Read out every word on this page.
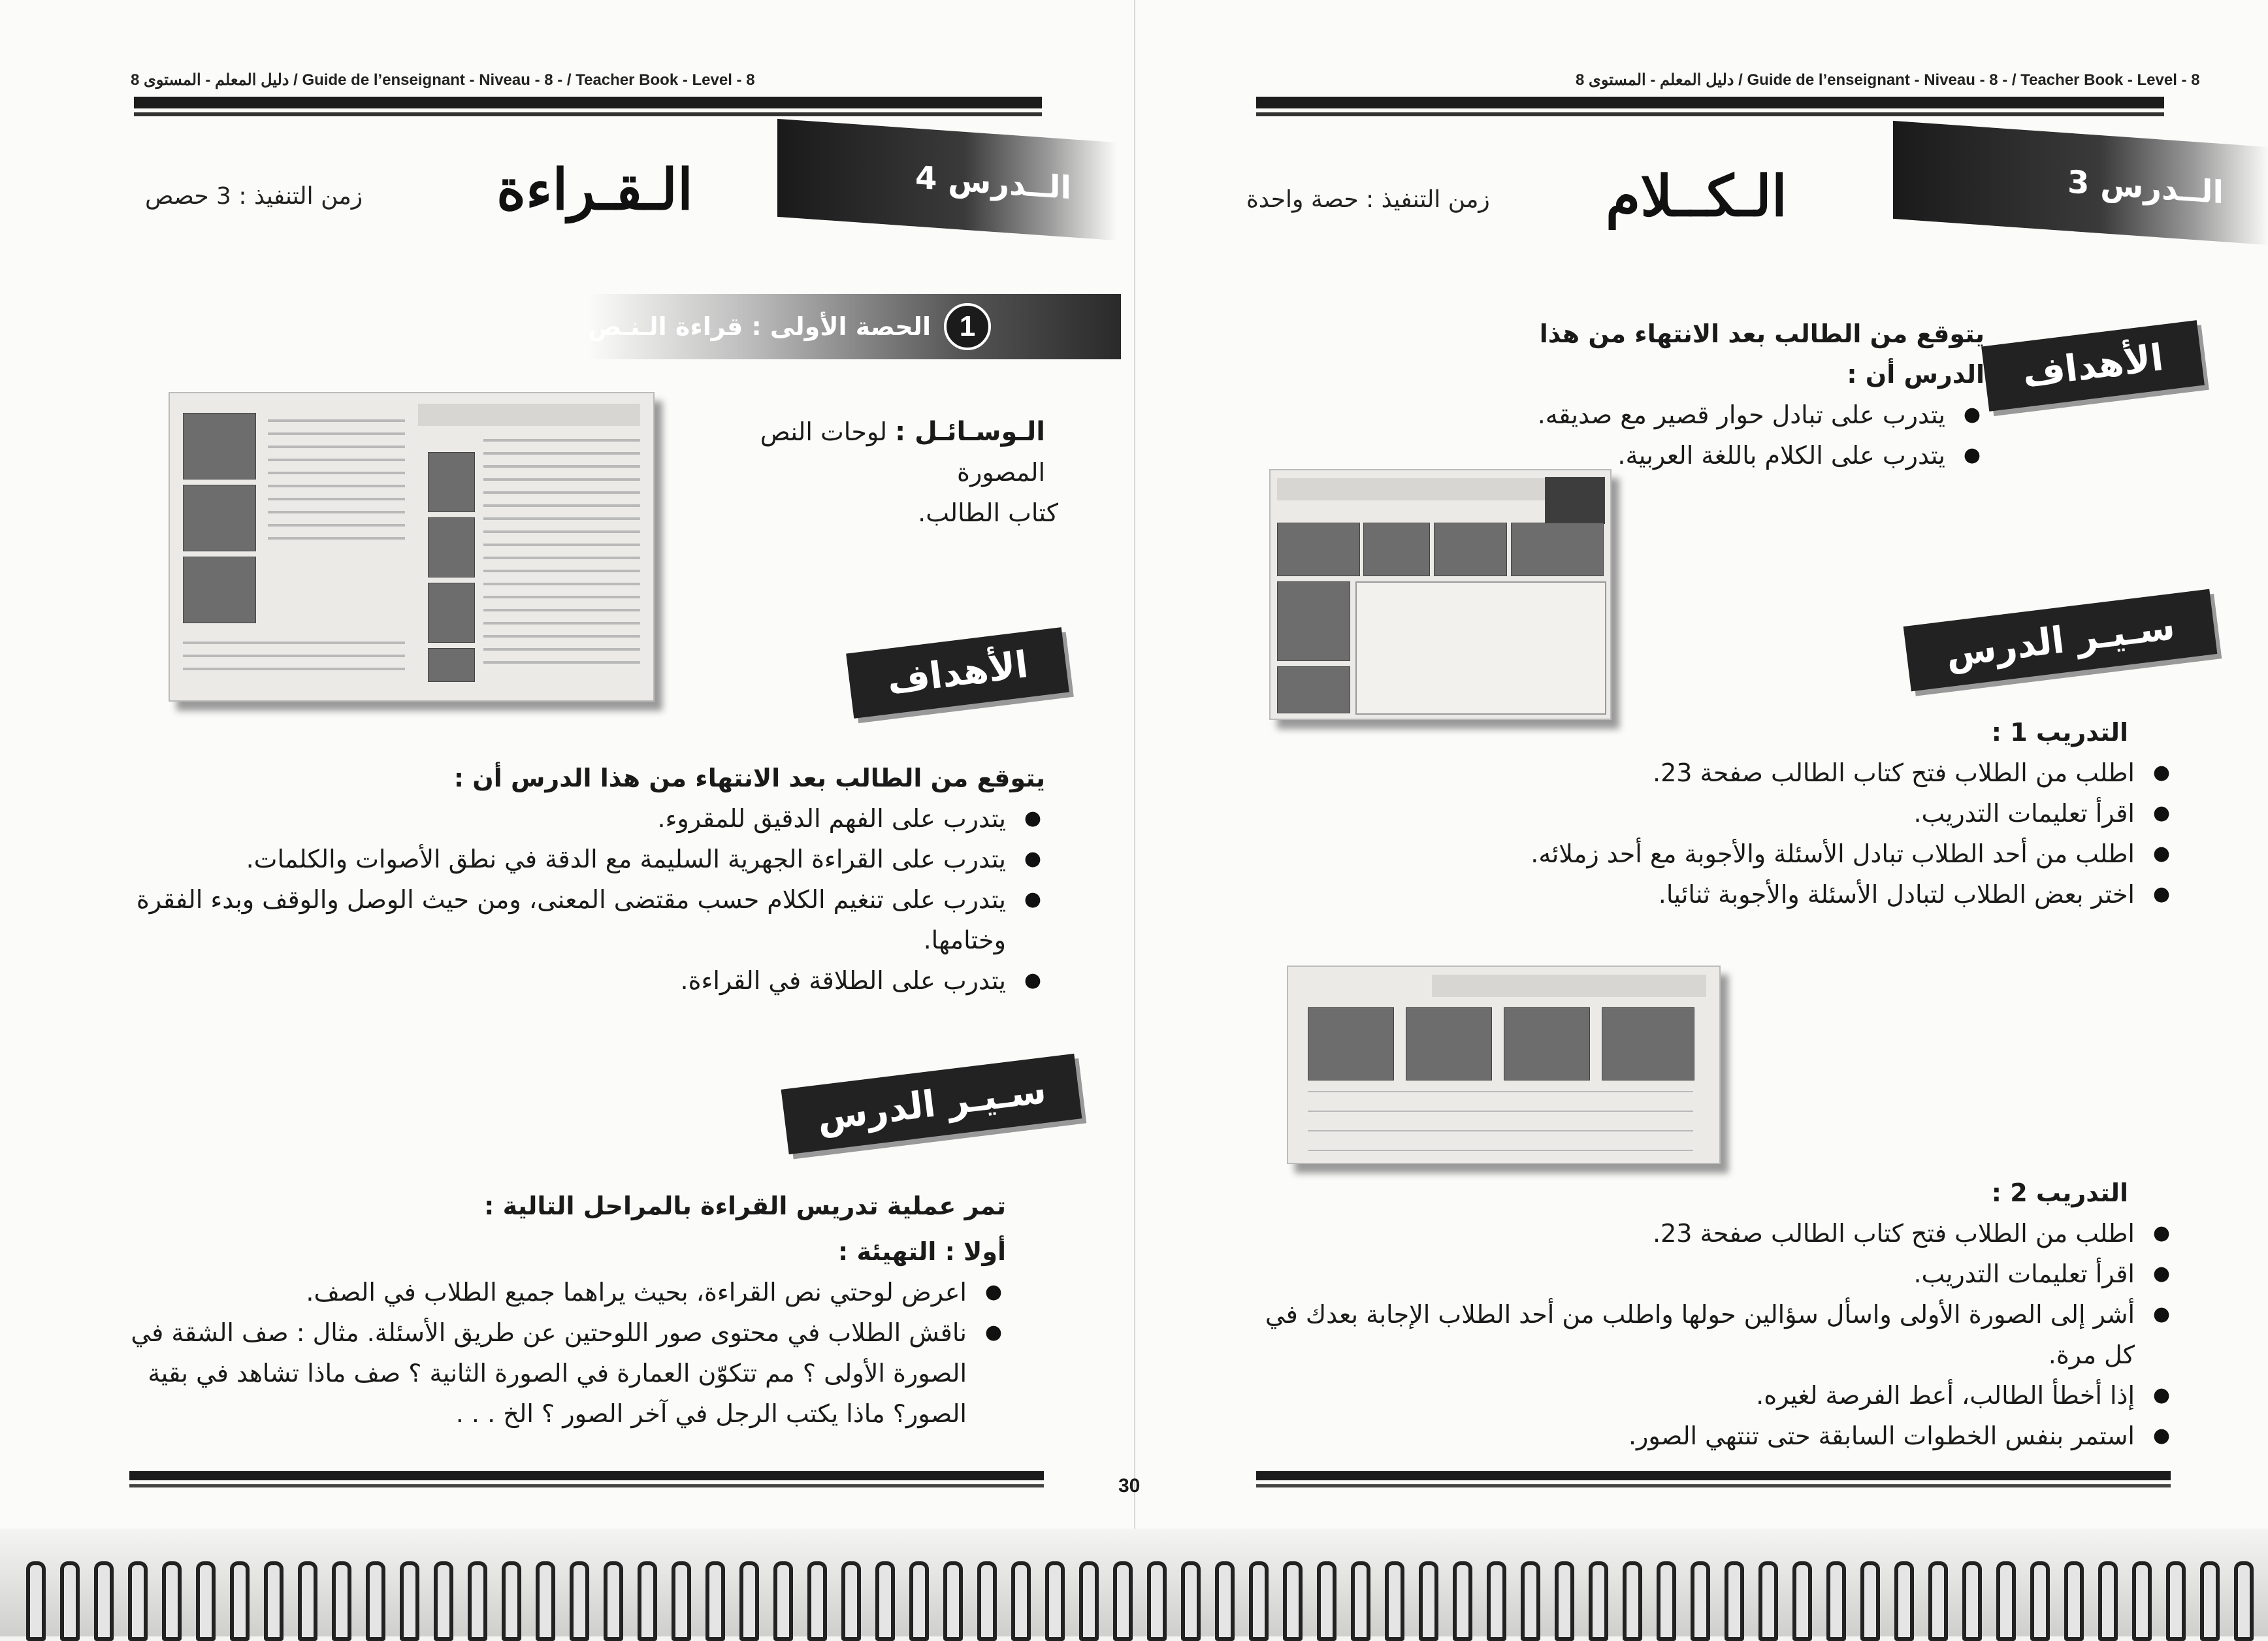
دليل المعلم - المستوى 8 / Guide de l’enseignant - Niveau - 8 - / Teacher Book - Level - 8
الــدرس 4
الـقـراءة
زمن التنفيذ : 3 حصص
1
الحصة الأولى : قراءة الـنـص

الـوسـائـل : لوحات النص المصورة

كتاب الطالب.

الأهداف

يتوقع من الطالب بعد الانتهاء من هذا الدرس أن :

● يتدرب على الفهم الدقيق للمقروء.
● يتدرب على القراءة الجهرية السليمة مع الدقة في نطق الأصوات والكلمات.
● يتدرب على تنغيم الكلام حسب مقتضى المعنى، ومن حيث الوصل والوقف وبدء الفقرة وختامها.
● يتدرب على الطلاقة في القراءة.
سـيـر الدرس

تمر عملية تدريس القراءة بالمراحل التالية :

أولا : التهيئة :

● اعرض لوحتي نص القراءة، بحيث يراهما جميع الطلاب في الصف.
● ناقش الطلاب في محتوى صور اللوحتين عن طريق الأسئلة. مثال : صف الشقة في الصورة الأولى ؟ مم تتكوّن العمارة في الصورة الثانية ؟ صف ماذا تشاهد في بقية الصور؟ ماذا يكتب الرجل في آخر الصور ؟ الخ . . .
دليل المعلم - المستوى 8 / Guide de l’enseignant - Niveau - 8 - / Teacher Book - Level - 8
الــدرس 3
الـكــلام
زمن التنفيذ : حصة واحدة
الأهداف

يتوقع من الطالب بعد الانتهاء من هذا الدرس أن :

● يتدرب على تبادل حوار قصير مع صديقه.
● يتدرب على الكلام باللغة العربية.
سـيـر الدرس

التدريب 1 :

● اطلب من الطلاب فتح كتاب الطالب صفحة 23.
● اقرأ تعليمات التدريب.
● اطلب من أحد الطلاب تبادل الأسئلة والأجوبة مع أحد زملائه.
● اختر بعض الطلاب لتبادل الأسئلة والأجوبة ثنائيا.

التدريب 2 :

● اطلب من الطلاب فتح كتاب الطالب صفحة 23.
● اقرأ تعليمات التدريب.
● أشر إلى الصورة الأولى واسأل سؤالين حولها واطلب من أحد الطلاب الإجابة بعدك في كل مرة.
● إذا أخطأ الطالب، أعط الفرصة لغيره.
● استمر بنفس الخطوات السابقة حتى تنتهي الصور.
30
